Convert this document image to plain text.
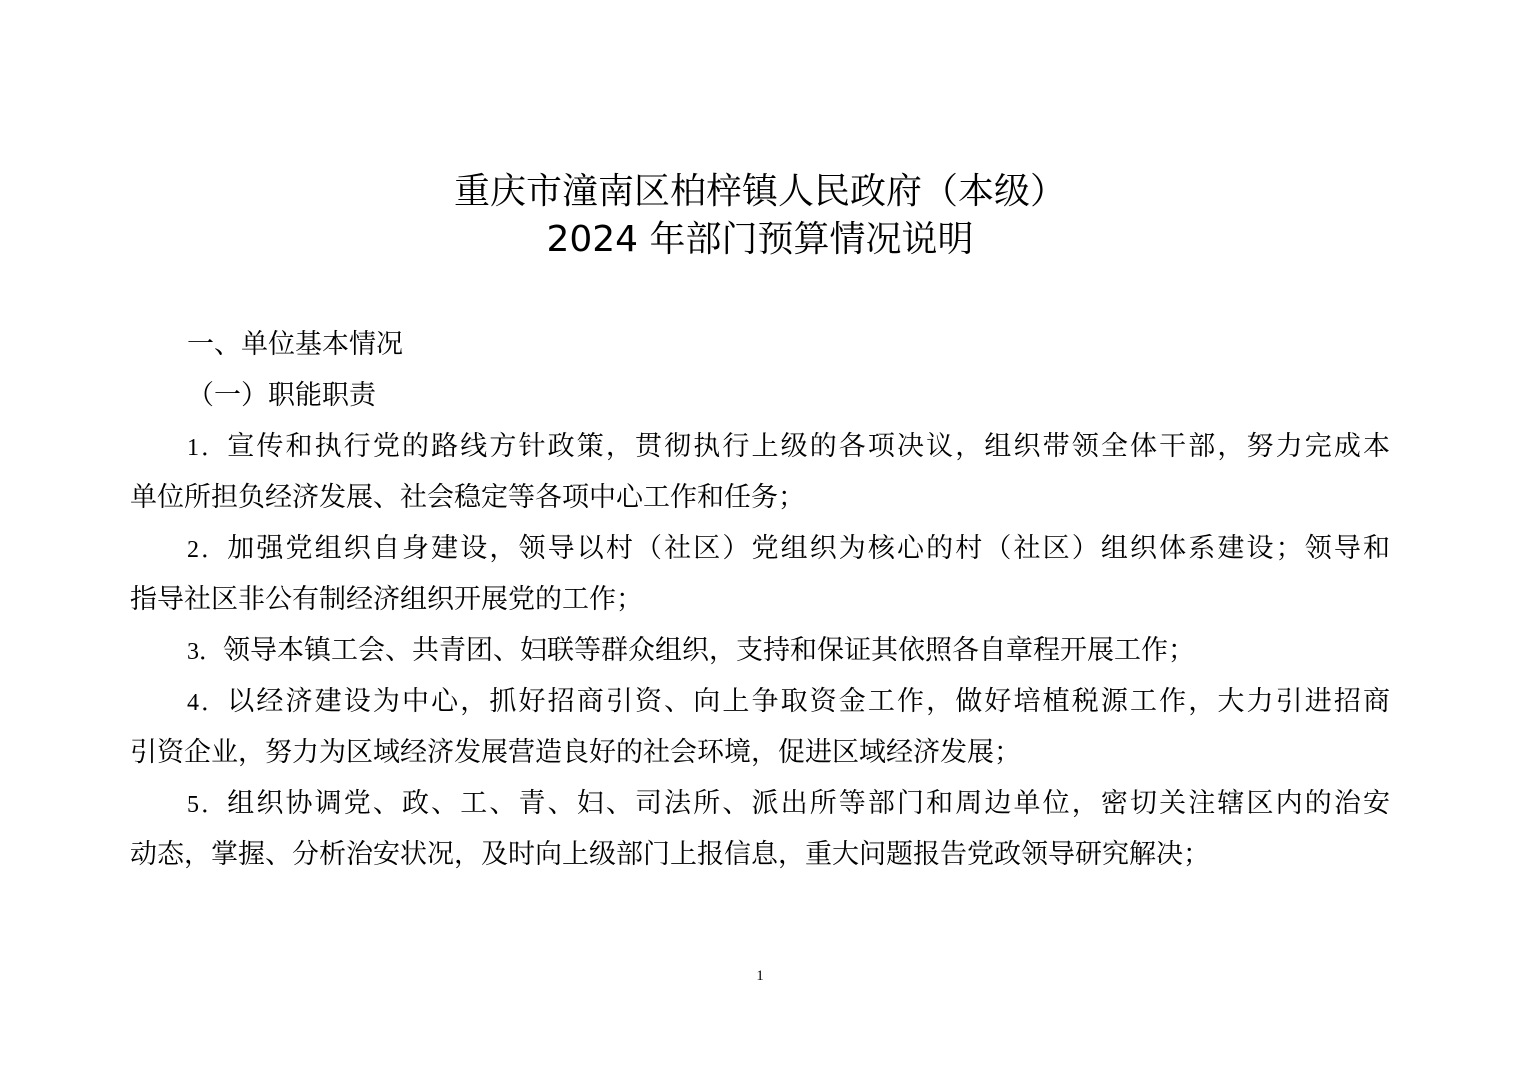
重庆市潼南区柏梓镇人民政府（本级）
2024 年部门预算情况说明
一、单位基本情况
（一）职能职责
1．宣传和执行党的路线方针政策，贯彻执行上级的各项决议，组织带领全体干部，努力完成本
单位所担负经济发展、社会稳定等各项中心工作和任务；
2．加强党组织自身建设，领导以村（社区）党组织为核心的村（社区）组织体系建设；领导和
指导社区非公有制经济组织开展党的工作；
3．领导本镇工会、共青团、妇联等群众组织，支持和保证其依照各自章程开展工作；
4．以经济建设为中心，抓好招商引资、向上争取资金工作，做好培植税源工作，大力引进招商
引资企业，努力为区域经济发展营造良好的社会环境，促进区域经济发展；
5．组织协调党、政、工、青、妇、司法所、派出所等部门和周边单位，密切关注辖区内的治安
动态，掌握、分析治安状况，及时向上级部门上报信息，重大问题报告党政领导研究解决；
1
